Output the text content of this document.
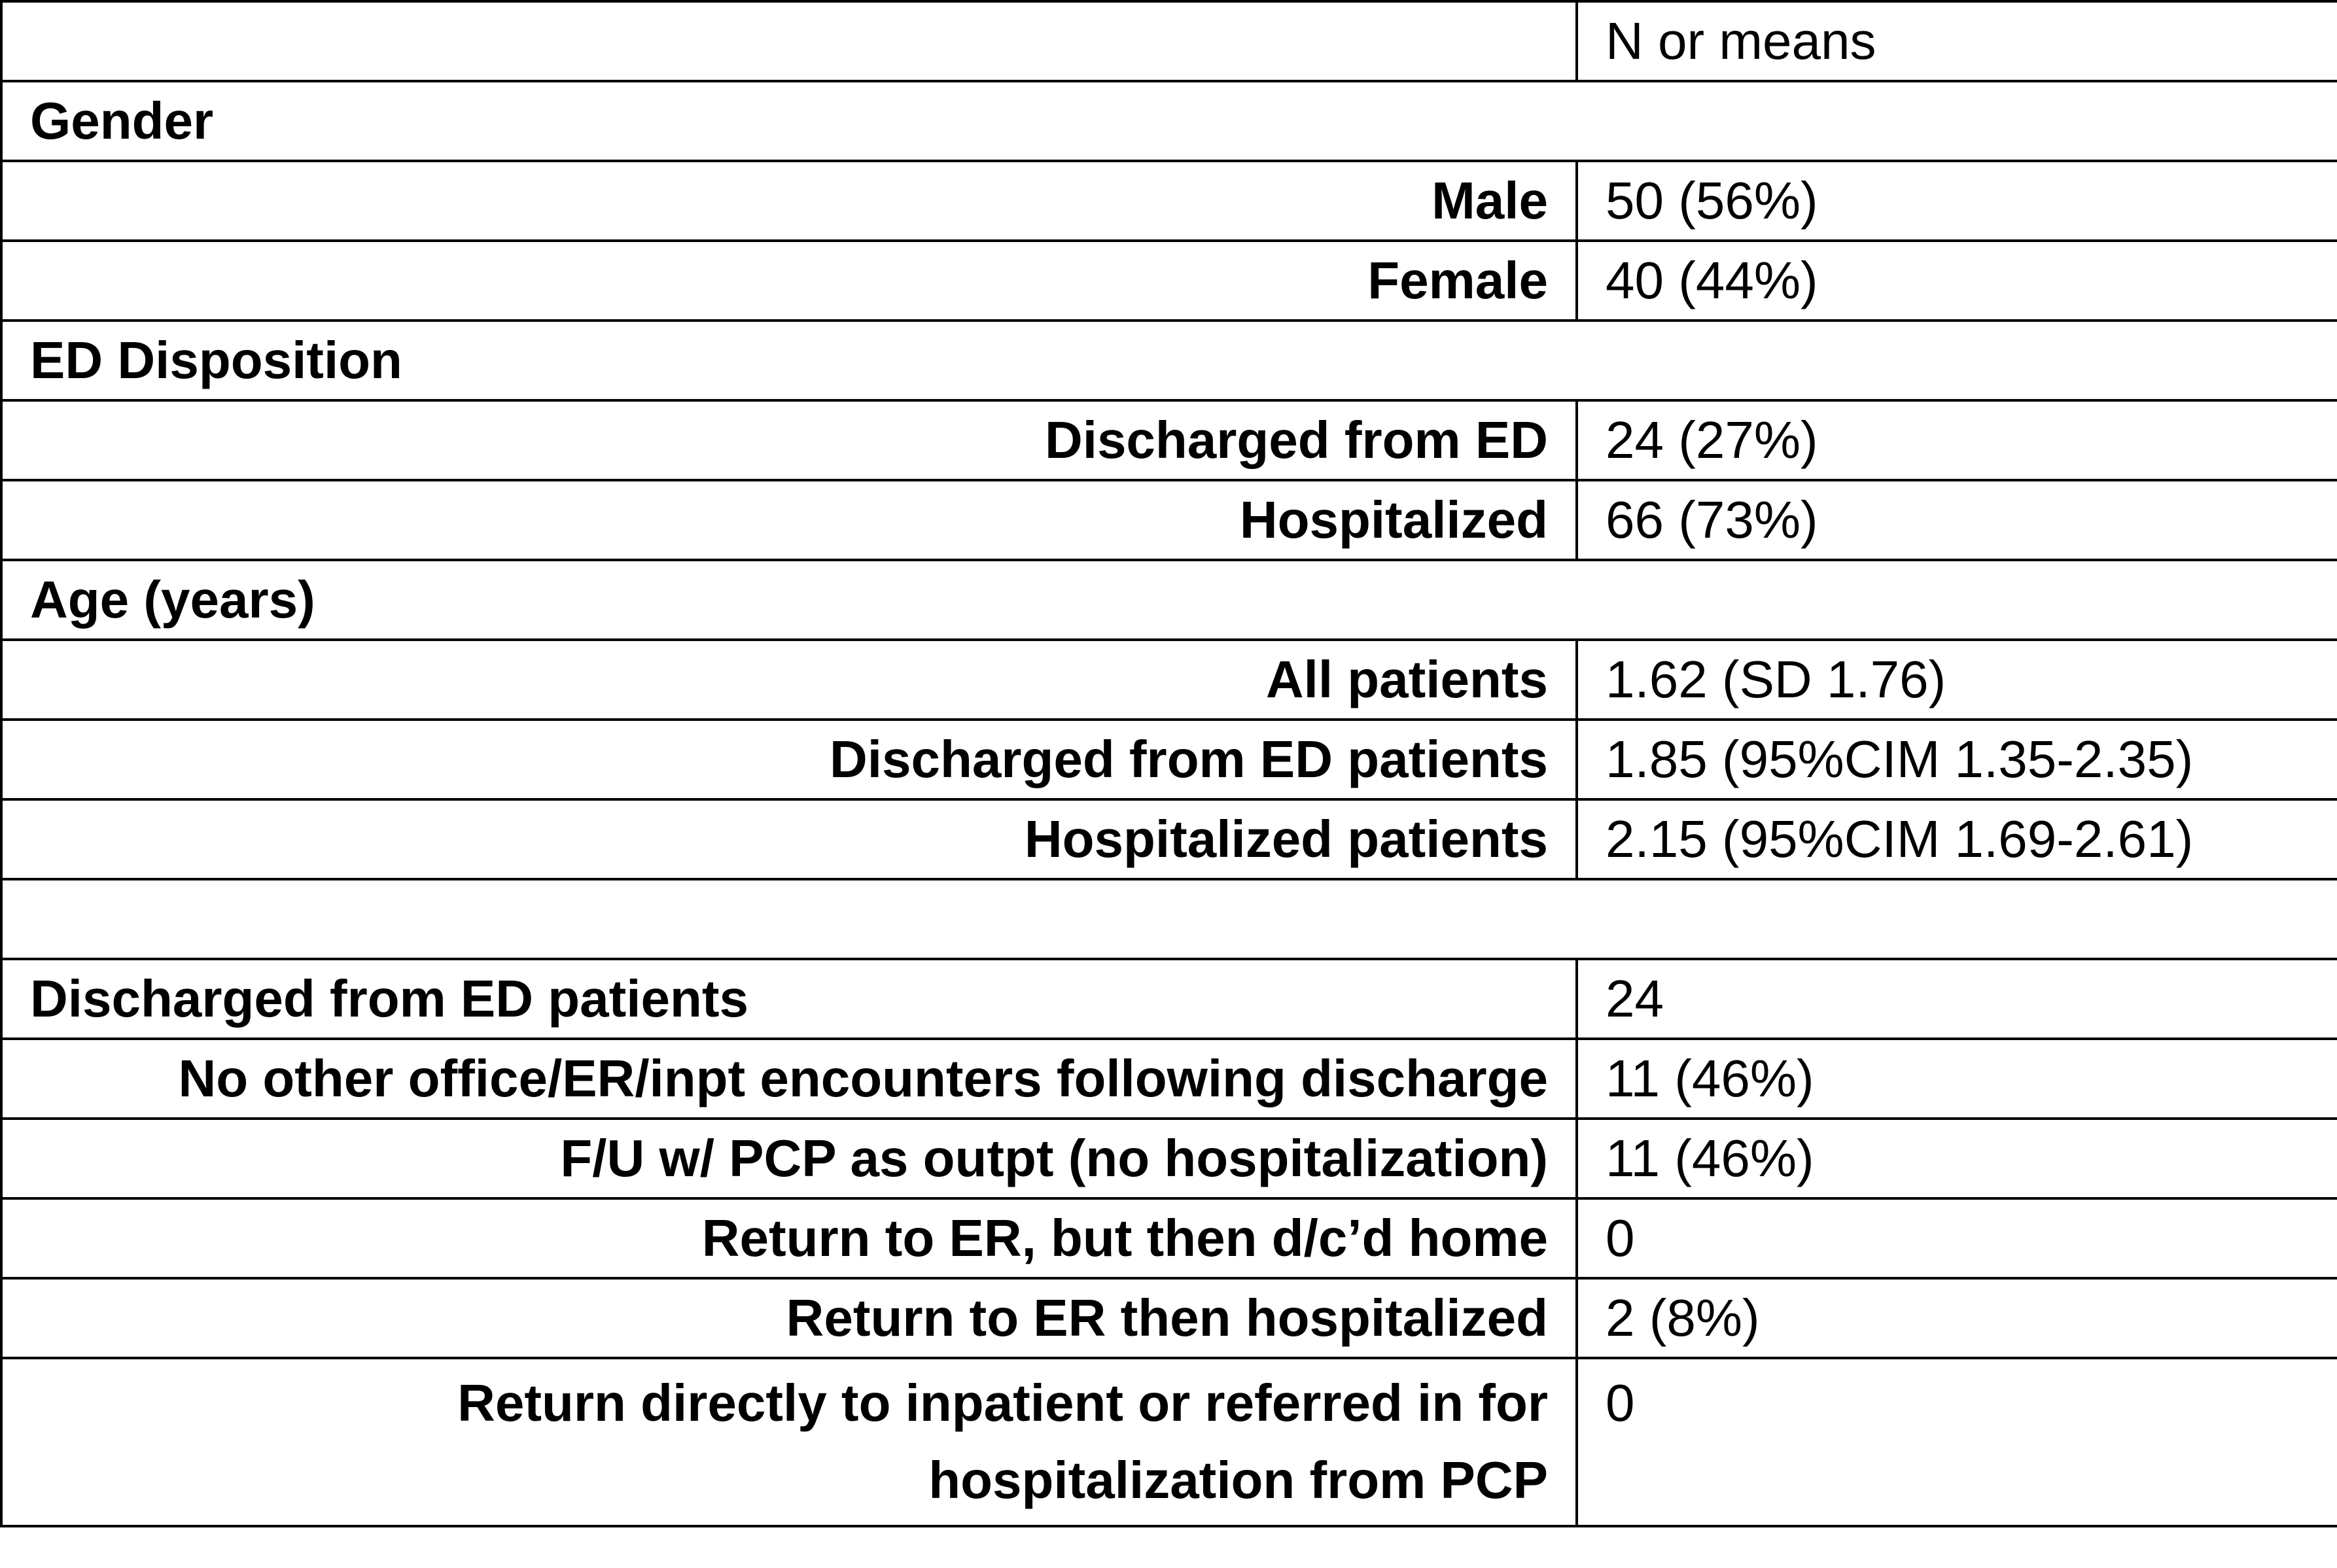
	N or means
Gender	
Male	50 (56%)
Female	40 (44%)
ED Disposition	
Discharged from ED	24 (27%)
Hospitalized	66 (73%)
Age (years)	
All patients	1.62 (SD 1.76)
Discharged from ED patients	1.85 (95%CIM 1.35-2.35)
Hospitalized patients	2.15 (95%CIM 1.69-2.61)

Discharged from ED patients	24
No other office/ER/inpt encounters following discharge	11 (46%)
F/U w/ PCP as outpt (no hospitalization)	11 (46%)
Return to ER, but then d/c’d home	0
Return to ER then hospitalized	2 (8%)

Return directly to inpatient or referred in for
hospitalization from PCP	0
